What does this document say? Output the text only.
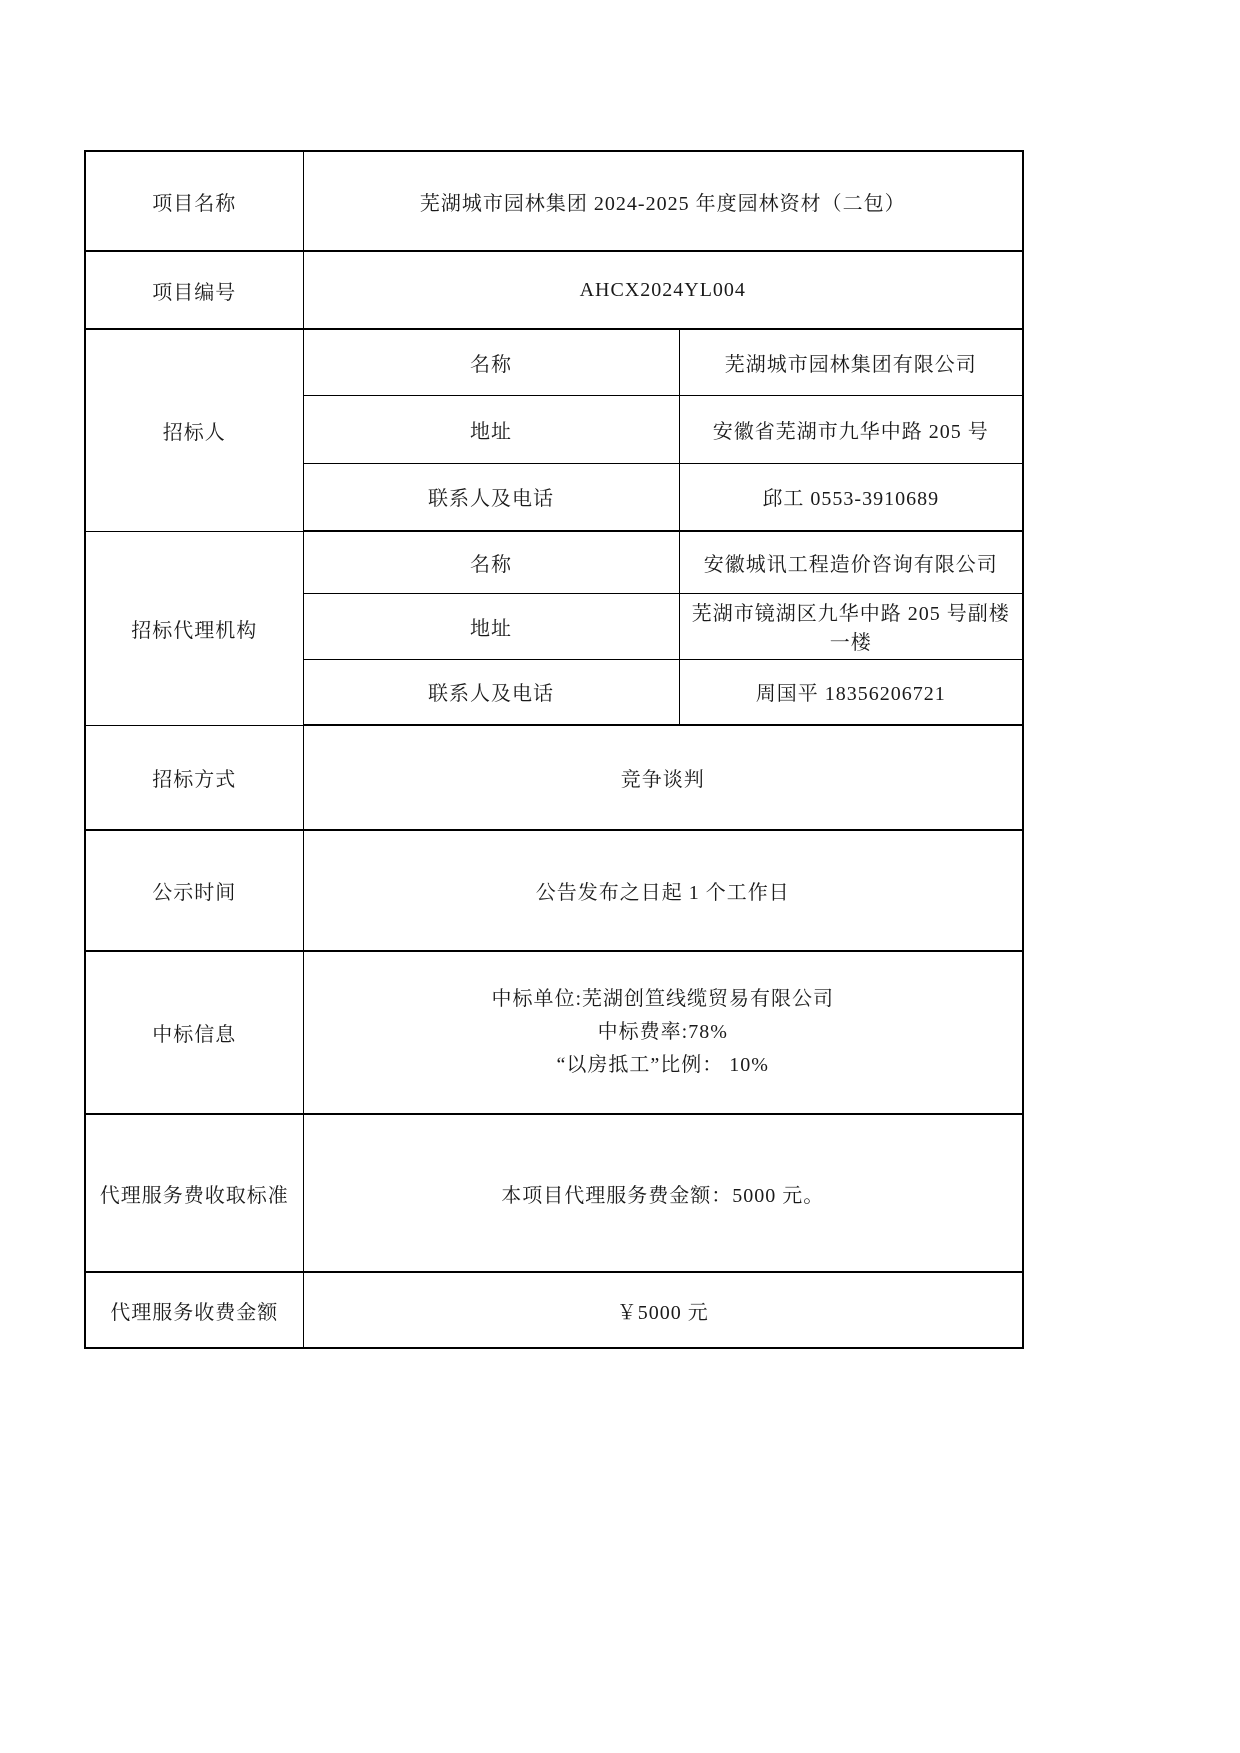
项目名称	芜湖城市园林集团 2024-2025 年度园林资材（二包）	
项目编号	AHCX2024YL004	
招标人	名称	芜湖城市园林集团有限公司
	地址	安徽省芜湖市九华中路 205 号
	联系人及电话	邱工 0553-3910689
招标代理机构	名称	安徽城讯工程造价咨询有限公司
	地址	芜湖市镜湖区九华中路 205 号副楼一楼
	联系人及电话	周国平 18356206721
招标方式	竞争谈判	
公示时间	公告发布之日起 1 个工作日	
中标信息	中标单位:芜湖创笪线缆贸易有限公司
中标费率:78%
“以房抵工”比例： 10%	

代理服务费收取标准	本项目代理服务费金额：5000 元。	
代理服务收费金额	￥5000 元	
